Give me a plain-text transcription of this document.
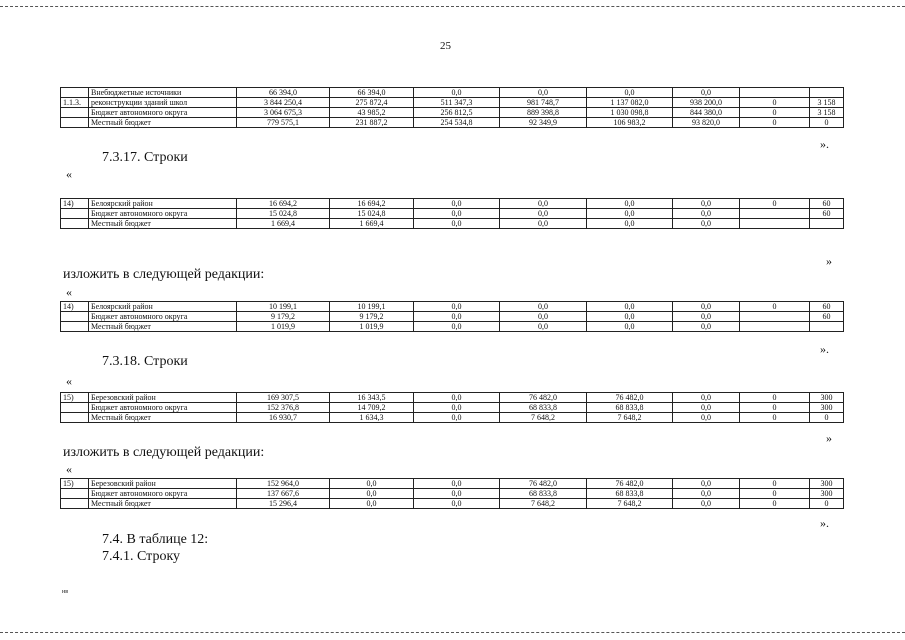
25
	Внебюджетные источники	66 394,0	66 394,0	0,0	0,0	0,0	0,0		
1.1.3.	реконструкции зданий школ	3 844 250,4	275 872,4	511 347,3	981 748,7	1 137 082,0	938 200,0	0	3 158
	Бюджет автономного округа	3 064 675,3	43 985,2	256 812,5	889 398,8	1 030 098,8	844 380,0	0	3 158
	Местный бюджет	779 575,1	231 887,2	254 534,8	92 349,9	106 983,2	93 820,0	0	0
».
7.3.17. Строки
«
14)	Белоярский район	16 694,2	16 694,2	0,0	0,0	0,0	0,0	0	60
	Бюджет автономного округа	15 024,8	15 024,8	0,0	0,0	0,0	0,0		60
	Местный бюджет	1 669,4	1 669,4	0,0	0,0	0,0	0,0		
»
изложить в следующей редакции:
«
14)	Белоярский район	10 199,1	10 199,1	0,0	0,0	0,0	0,0	0	60
	Бюджет автономного округа	9 179,2	9 179,2	0,0	0,0	0,0	0,0		60
	Местный бюджет	1 019,9	1 019,9	0,0	0,0	0,0	0,0		
».
7.3.18. Строки
«
15)	Березовский район	169 307,5	16 343,5	0,0	76 482,0	76 482,0	0,0	0	300
	Бюджет автономного округа	152 376,8	14 709,2	0,0	68 833,8	68 833,8	0,0	0	300
	Местный бюджет	16 930,7	1 634,3	0,0	7 648,2	7 648,2	0,0	0	0
»
изложить в следующей редакции:
«
15)	Березовский район	152 964,0	0,0	0,0	76 482,0	76 482,0	0,0	0	300
	Бюджет автономного округа	137 667,6	0,0	0,0	68 833,8	68 833,8	0,0	0	300
	Местный бюджет	15 296,4	0,0	0,0	7 648,2	7 648,2	0,0	0	0
».
7.4. В таблице 12:
7.4.1. Строку
нв
